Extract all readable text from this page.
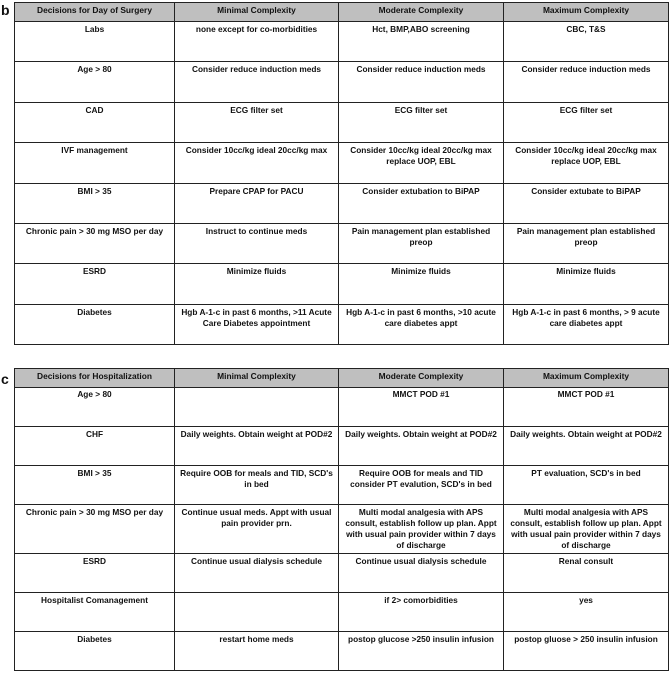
b	Decisions for Day of Surgery	Minimal Complexity	Moderate Complexity	Maximum Complexity
Labs	none except for co-morbidities	Hct, BMP,ABO screening	CBC, T&S
Age > 80	Consider reduce induction meds	Consider reduce induction meds	Consider reduce induction meds
CAD	ECG filter set	ECG filter set	ECG filter set
IVF management	Consider 10cc/kg ideal 20cc/kg max	Consider 10cc/kg ideal 20cc/kg max replace UOP, EBL	Consider 10cc/kg ideal 20cc/kg max replace UOP, EBL
BMI > 35	Prepare CPAP for PACU	Consider extubation to BiPAP	Consider extubate to BiPAP
Chronic pain > 30 mg MSO per day	Instruct to continue meds	Pain management plan established preop	Pain management plan established preop
ESRD	Minimize fluids	Minimize fluids	Minimize fluids
Diabetes	Hgb A-1-c in past 6 months, >11 Acute Care Diabetes appointment	Hgb A-1-c in past 6 months, >10 acute care diabetes appt	Hgb A-1-c in past 6 months, > 9 acute care diabetes appt
c	Decisions for Hospitalization	Minimal Complexity	Moderate Complexity	Maximum Complexity
Age > 80		MMCT POD #1	MMCT POD #1
CHF	Daily weights. Obtain weight at POD#2	Daily weights. Obtain weight at POD#2	Daily weights. Obtain weight at POD#2
BMI > 35	Require OOB for meals and TID, SCD's in bed	Require OOB for meals and TID consider PT evalution, SCD's in bed	PT evaluation, SCD's in bed
Chronic pain > 30 mg MSO per day	Continue usual meds. Appt with usual pain provider prn.	Multi modal analgesia with APS consult, establish follow up plan. Appt with usual pain provider within 7 days of discharge	Multi modal analgesia with APS consult, establish follow up plan. Appt with usual pain provider within 7 days of discharge
ESRD	Continue usual dialysis schedule	Continue usual dialysis schedule	Renal consult
Hospitalist Comanagement		if 2> comorbidities	yes
Diabetes	restart home meds	postop glucose >250 insulin infusion	postop gluose > 250 insulin infusion
